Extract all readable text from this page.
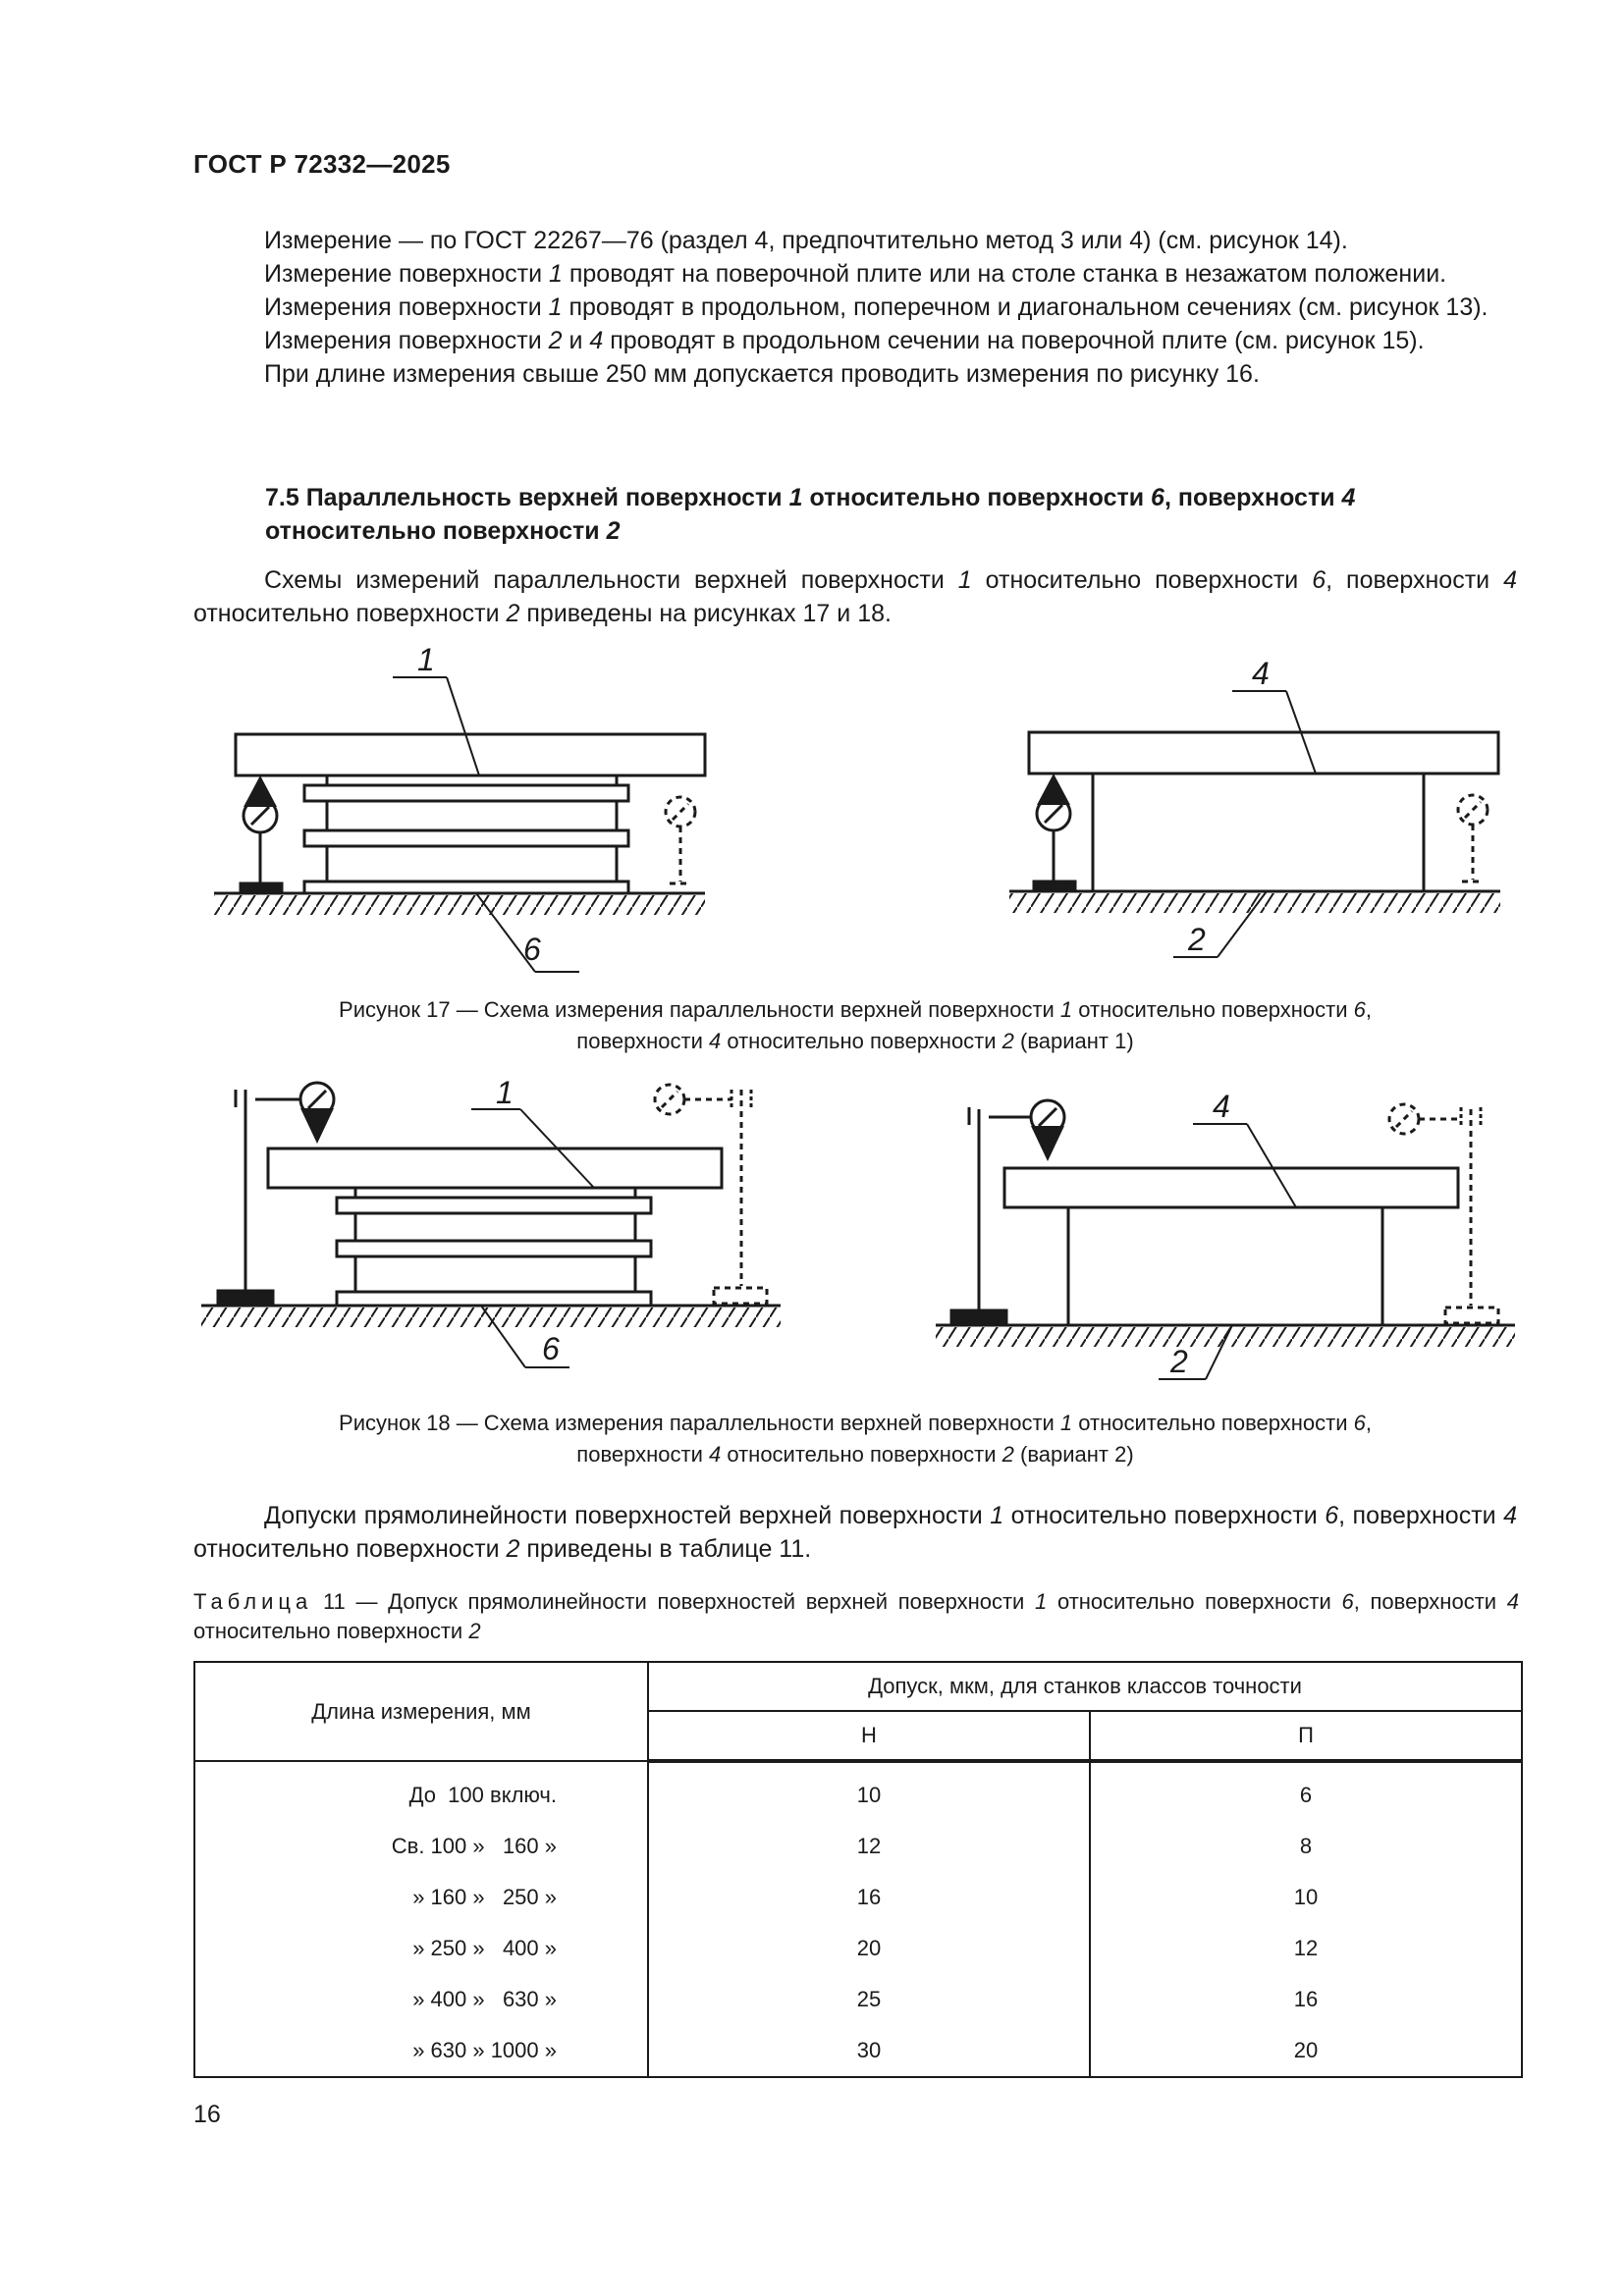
ГОСТ Р 72332—2025
Измерение — по ГОСТ 22267—76 (раздел 4, предпочтительно метод 3 или 4) (см. рисунок 14).
Измерение поверхности 1 проводят на поверочной плите или на столе станка в незажатом положении.
Измерения поверхности 1 проводят в продольном, поперечном и диагональном сечениях (см. рисунок 13).
Измерения поверхности 2 и 4 проводят в продольном сечении на поверочной плите (см. рисунок 15).
При длине измерения свыше 250 мм допускается проводить измерения по рисунку 16.
7.5 Параллельность верхней поверхности 1 относительно поверхности 6, поверхности 4 относительно поверхности 2
Схемы измерений параллельности верхней поверхности 1 относительно поверхности 6, поверхности 4 относительно поверхности 2 приведены на рисунках 17 и 18.
1
6
4
2
Рисунок 17 — Схема измерения параллельности верхней поверхности 1 относительно поверхности 6,
поверхности 4 относительно поверхности 2 (вариант 1)
1
6
4
2
Рисунок 18 — Схема измерения параллельности верхней поверхности 1 относительно поверхности 6,
поверхности 4 относительно поверхности 2 (вариант 2)
Допуски прямолинейности поверхностей верхней поверхности 1 относительно поверхности 6, поверхности 4 относительно поверхности 2 приведены в таблице 11.
Таблица 11 — Допуск прямолинейности поверхностей верхней поверхности 1 относительно поверхности 6, поверхности 4 относительно поверхности 2
Длина измерения, мм	Допуск, мкм, для станков классов точности	
	Н	П
До  100 включ.	10	6
Св. 100 »   160 »	12	8
» 160 »   250 »	16	10
» 250 »   400 »	20	12
» 400 »   630 »	25	16
» 630 » 1000 »	30	20
16
